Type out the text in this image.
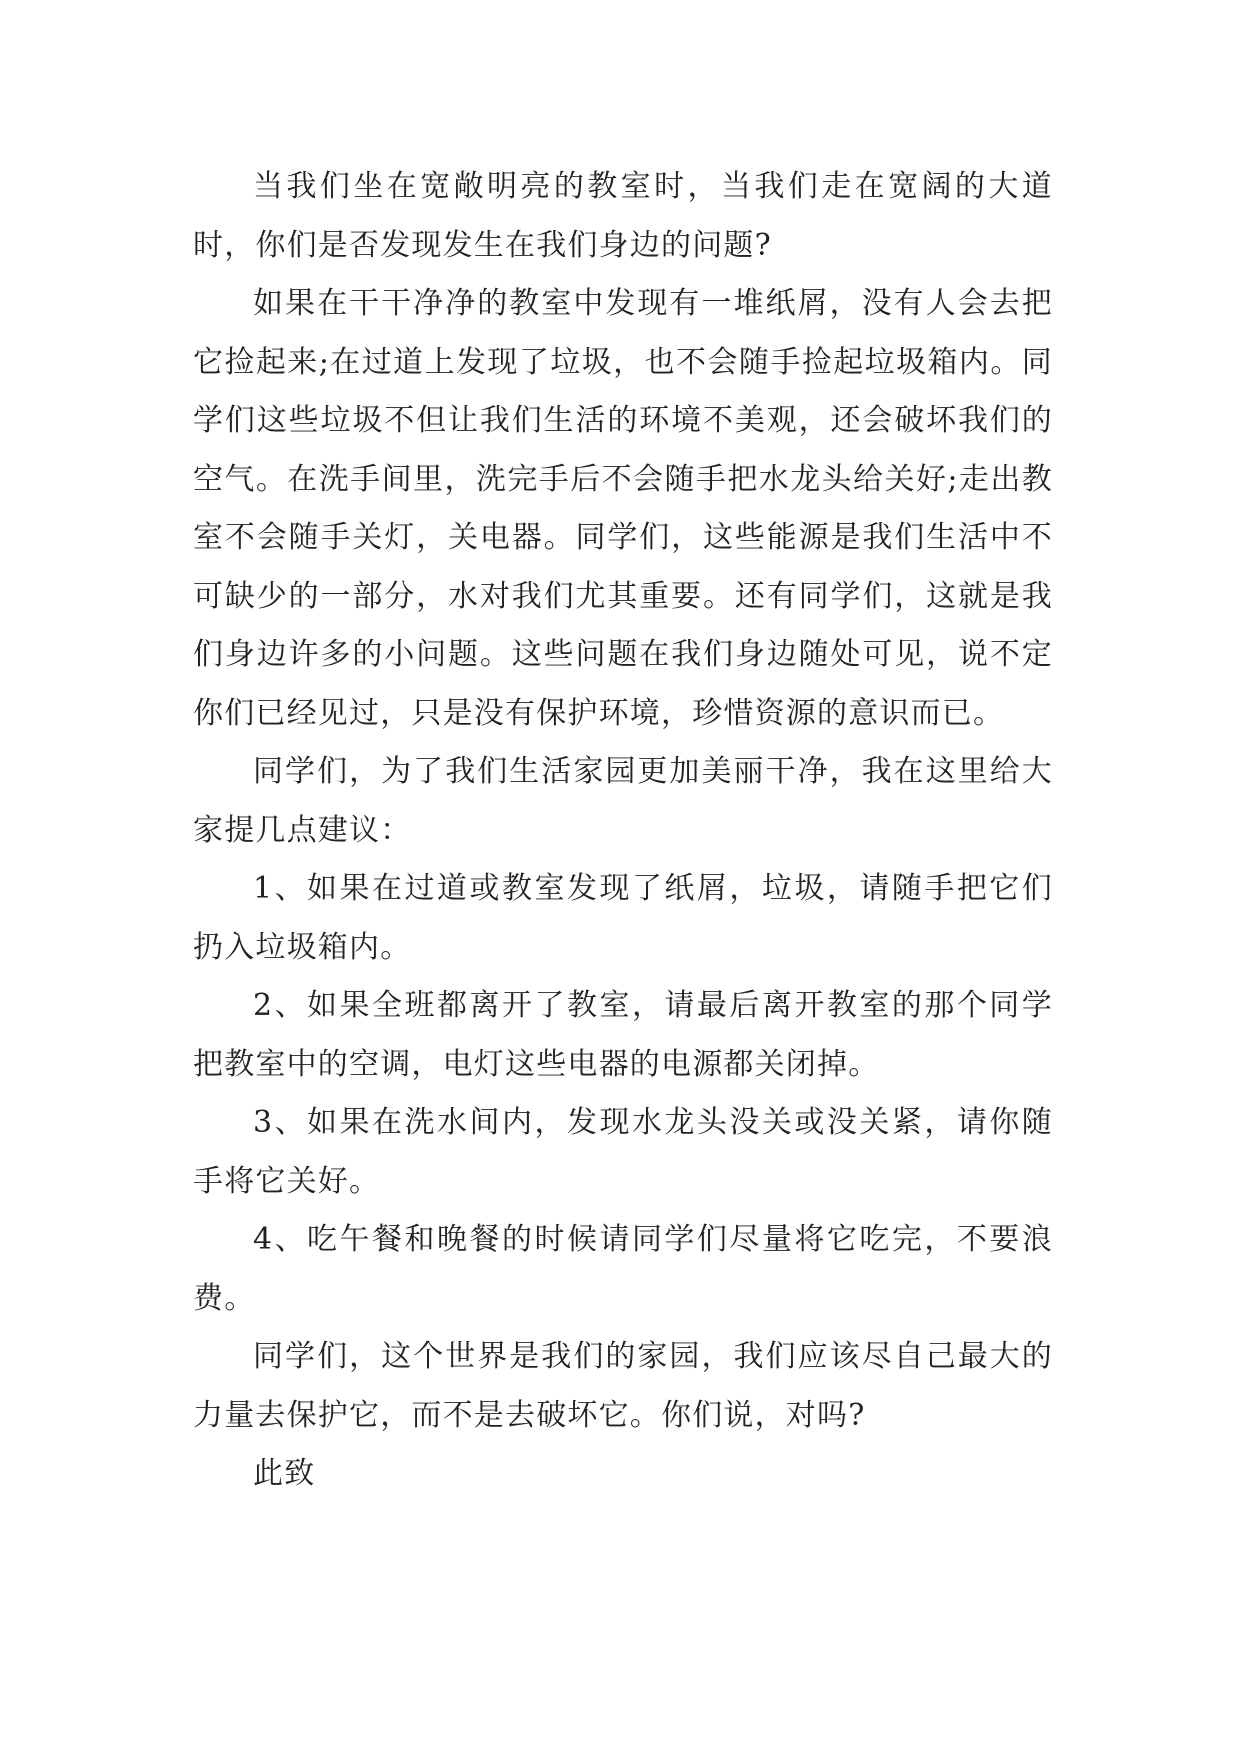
当我们坐在宽敞明亮的教室时，当我们走在宽阔的大道时，你们是否发现发生在我们身边的问题?

如果在干干净净的教室中发现有一堆纸屑，没有人会去把它捡起来;在过道上发现了垃圾，也不会随手捡起垃圾箱内。同学们这些垃圾不但让我们生活的环境不美观，还会破坏我们的空气。在洗手间里，洗完手后不会随手把水龙头给关好;走出教室不会随手关灯，关电器。同学们，这些能源是我们生活中不可缺少的一部分，水对我们尤其重要。还有同学们，这就是我们身边许多的小问题。这些问题在我们身边随处可见，说不定你们已经见过，只是没有保护环境，珍惜资源的意识而已。

同学们，为了我们生活家园更加美丽干净，我在这里给大家提几点建议：

1、如果在过道或教室发现了纸屑，垃圾，请随手把它们扔入垃圾箱内。

2、如果全班都离开了教室，请最后离开教室的那个同学把教室中的空调，电灯这些电器的电源都关闭掉。

3、如果在洗水间内，发现水龙头没关或没关紧，请你随手将它关好。

4、吃午餐和晚餐的时候请同学们尽量将它吃完，不要浪费。

同学们，这个世界是我们的家园，我们应该尽自己最大的力量去保护它，而不是去破坏它。你们说，对吗?

此致
